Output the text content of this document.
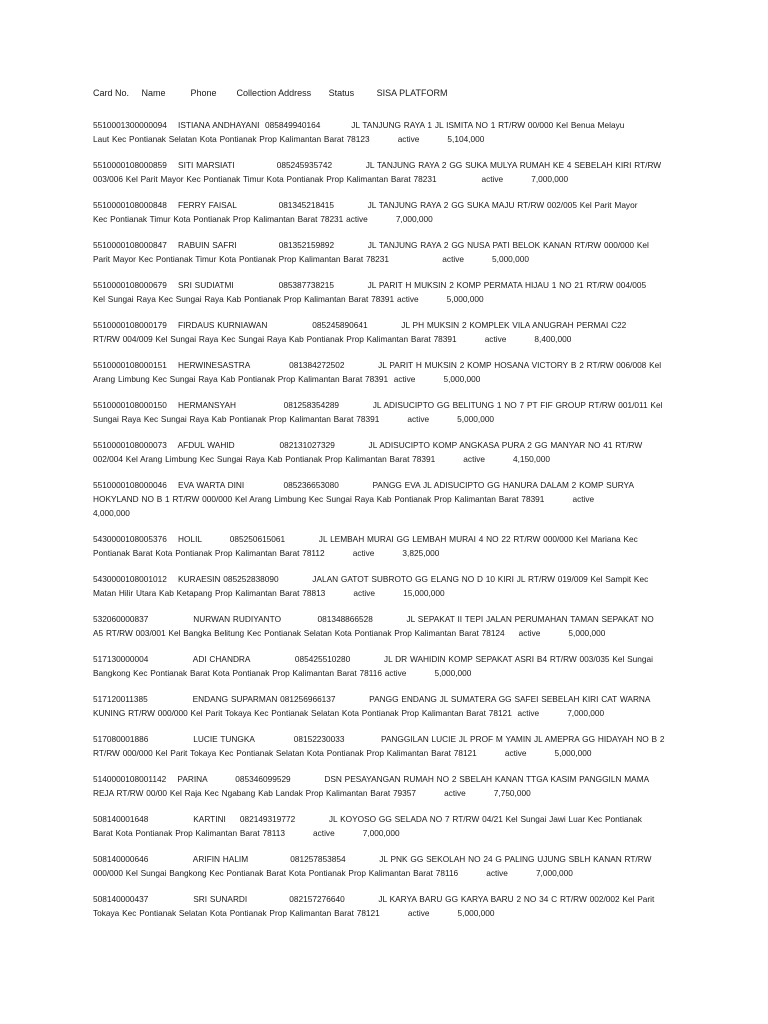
Card No.     Name          Phone        Collection Address       Status         SISA PLATFORM
5510001300000094    ISTIANA ANDHAYANI  085849940164           JL TANJUNG RAYA 1 JL ISMITA NO 1 RT/RW 00/000 Kel Benua Melayu
Laut Kec Pontianak Selatan Kota Pontianak Prop Kalimantan Barat 78123          active          5,104,000
5510000108000859    SITI MARSIATI               085245935742            JL TANJUNG RAYA 2 GG SUKA MULYA RUMAH KE 4 SEBELAH KIRI RT/RW
003/006 Kel Parit Mayor Kec Pontianak Timur Kota Pontianak Prop Kalimantan Barat 78231                active          7,000,000
5510000108000848    FERRY FAISAL               081345218415            JL TANJUNG RAYA 2 GG SUKA MAJU RT/RW 002/005 Kel Parit Mayor
Kec Pontianak Timur Kota Pontianak Prop Kalimantan Barat 78231 active          7,000,000
5510000108000847    RABUIN SAFRI               081352159892            JL TANJUNG RAYA 2 GG NUSA PATI BELOK KANAN RT/RW 000/000 Kel
Parit Mayor Kec Pontianak Timur Kota Pontianak Prop Kalimantan Barat 78231                   active          5,000,000
5510000108000679    SRI SUDIATMI                085387738215            JL PARIT H MUKSIN 2 KOMP PERMATA HIJAU 1 NO 21 RT/RW 004/005
Kel Sungai Raya Kec Sungai Raya Kab Pontianak Prop Kalimantan Barat 78391 active          5,000,000
5510000108000179    FIRDAUS KURNIAWAN                085245890641            JL PH MUKSIN 2 KOMPLEK VILA ANUGRAH PERMAI C22
RT/RW 004/009 Kel Sungai Raya Kec Sungai Raya Kab Pontianak Prop Kalimantan Barat 78391          active          8,400,000
5510000108000151    HERWINESASTRA              081384272502            JL PARIT H MUKSIN 2 KOMP HOSANA VICTORY B 2 RT/RW 006/008 Kel
Arang Limbung Kec Sungai Raya Kab Pontianak Prop Kalimantan Barat 78391  active          5,000,000
5510000108000150    HERMANSYAH                 081258354289            JL ADISUCIPTO GG BELITUNG 1 NO 7 PT FIF GROUP RT/RW 001/011 Kel
Sungai Raya Kec Sungai Raya Kab Pontianak Prop Kalimantan Barat 78391          active          5,000,000
5510000108000073    AFDUL WAHID                082131027329            JL ADISUCIPTO KOMP ANGKASA PURA 2 GG MANYAR NO 41 RT/RW
002/004 Kel Arang Limbung Kec Sungai Raya Kab Pontianak Prop Kalimantan Barat 78391          active          4,150,000
5510000108000046    EVA WARTA DINI              085236653080            PANGG EVA JL ADISUCIPTO GG HANURA DALAM 2 KOMP SURYA
HOKYLAND NO B 1 RT/RW 000/000 Kel Arang Limbung Kec Sungai Raya Kab Pontianak Prop Kalimantan Barat 78391          active
4,000,000
5430000108005376    HOLIL          085250615061            JL LEMBAH MURAI GG LEMBAH MURAI 4 NO 22 RT/RW 000/000 Kel Mariana Kec
Pontianak Barat Kota Pontianak Prop Kalimantan Barat 78112          active          3,825,000
5430000108001012    KURAESIN 085252838090            JALAN GATOT SUBROTO GG ELANG NO D 10 KIRI JL RT/RW 019/009 Kel Sampit Kec
Matan Hilir Utara Kab Ketapang Prop Kalimantan Barat 78813          active          15,000,000
532060000837                NURWAN RUDIYANTO             081348866528            JL SEPAKAT II TEPI JALAN PERUMAHAN TAMAN SEPAKAT NO
A5 RT/RW 003/001 Kel Bangka Belitung Kec Pontianak Selatan Kota Pontianak Prop Kalimantan Barat 78124     active          5,000,000
517130000004                ADI CHANDRA                085425510280            JL DR WAHIDIN KOMP SEPAKAT ASRI B4 RT/RW 003/035 Kel Sungai
Bangkong Kec Pontianak Barat Kota Pontianak Prop Kalimantan Barat 78116 active          5,000,000
517120011385                ENDANG SUPARMAN 081256966137            PANGG ENDANG JL SUMATERA GG SAFEI SEBELAH KIRI CAT WARNA
KUNING RT/RW 000/000 Kel Parit Tokaya Kec Pontianak Selatan Kota Pontianak Prop Kalimantan Barat 78121  active          7,000,000
517080001886                LUCIE TUNGKA              08152230033             PANGGILAN LUCIE JL PROF M YAMIN JL AMEPRA GG HIDAYAH NO B 2
RT/RW 000/000 Kel Parit Tokaya Kec Pontianak Selatan Kota Pontianak Prop Kalimantan Barat 78121          active          5,000,000
5140000108001142    PARINA          085346099529            DSN PESAYANGAN RUMAH NO 2 SBELAH KANAN TTGA KASIM PANGGILN MAMA
REJA RT/RW 00/00 Kel Raja Kec Ngabang Kab Landak Prop Kalimantan Barat 79357          active          7,750,000
508140001648                KARTINI     082149319772            JL KOYOSO GG SELADA NO 7 RT/RW 04/21 Kel Sungai Jawi Luar Kec Pontianak
Barat Kota Pontianak Prop Kalimantan Barat 78113          active          7,000,000
508140000646                ARIFIN HALIM               081257853854            JL PNK GG SEKOLAH NO 24 G PALING UJUNG SBLH KANAN RT/RW
000/000 Kel Sungai Bangkong Kec Pontianak Barat Kota Pontianak Prop Kalimantan Barat 78116          active          7,000,000
508140000437                SRI SUNARDI               082157276640            JL KARYA BARU GG KARYA BARU 2 NO 34 C RT/RW 002/002 Kel Parit
Tokaya Kec Pontianak Selatan Kota Pontianak Prop Kalimantan Barat 78121          active          5,000,000
